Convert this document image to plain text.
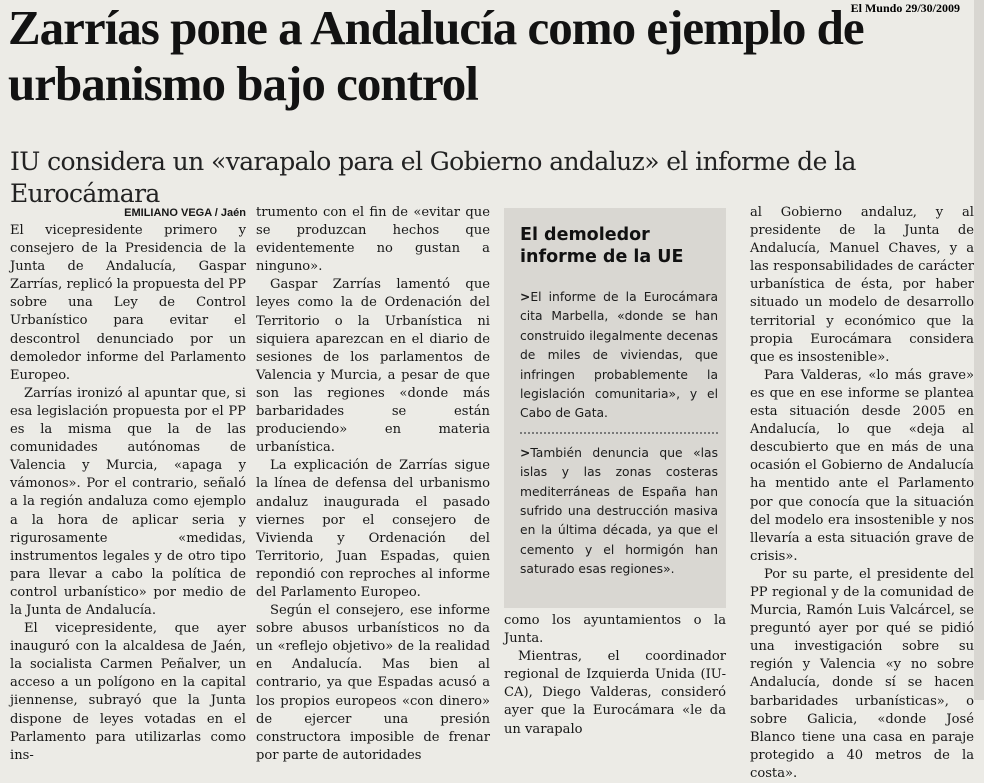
El Mundo 29/30/2009
Zarrías pone a Andalucía como ejemplo de urbanismo bajo control
IU considera un «varapalo para el Gobierno andaluz» el informe de la Eurocámara
EMILIANO VEGA / Jaén

El vicepresidente primero y consejero de la Presidencia de la Junta de Andalucía, Gaspar Zarrías, replicó la propuesta del PP sobre una Ley de Control Urbanístico para evitar el descontrol denunciado por un demoledor informe del Parlamento Europeo.

Zarrías ironizó al apuntar que, si esa legislación propuesta por el PP es la misma que la de las comunidades autónomas de Valencia y Murcia, «apaga y vámonos». Por el contrario, señaló a la región andaluza como ejemplo a la hora de aplicar seria y rigurosamente «medidas, instrumentos legales y de otro tipo para llevar a cabo la política de control urbanístico» por medio de la Junta de Andalucía.

El vicepresidente, que ayer inauguró con la alcaldesa de Jaén, la socialista Carmen Peñalver, un acceso a un polígono en la capital jiennense, subrayó que la Junta dispone de leyes votadas en el Parlamento para utilizarlas como ins-

trumento con el fin de «evitar que se produzcan hechos que evidentemente no gustan a ninguno».

Gaspar Zarrías lamentó que leyes como la de Ordenación del Territorio o la Urbanística ni siquiera aparezcan en el diario de sesiones de los parlamentos de Valencia y Murcia, a pesar de que son las regiones «donde más barbaridades se están produciendo» en materia urbanística.

La explicación de Zarrías sigue la línea de defensa del urbanismo andaluz inaugurada el pasado viernes por el consejero de Vivienda y Ordenación del Territorio, Juan Espadas, quien repondió con reproches al informe del Parlamento Europeo.

Según el consejero, ese informe sobre abusos urbanísticos no da un «reflejo objetivo» de la realidad en Andalucía. Mas bien al contrario, ya que Espadas acusó a los propios europeos «con dinero» de ejercer una presión constructora imposible de frenar por parte de autoridades

El demoledor informe de la UE

>El informe de la Eurocámara cita Marbella, «donde se han construido ilegalmente decenas de miles de viviendas, que infringen probablemente la legislación comunitaria», y el Cabo de Gata.

>También denuncia que «las islas y las zonas costeras mediterráneas de España han sufrido una destrucción masiva en la última década, ya que el cemento y el hormigón han saturado esas regiones».

como los ayuntamientos o la Junta.

Mientras, el coordinador regional de Izquierda Unida (IU-CA), Diego Valderas, consideró ayer que la Eurocámara «le da un varapalo

al Gobierno andaluz, y al presidente de la Junta de Andalucía, Manuel Chaves, y a las responsabilidades de carácter urbanística de ésta, por haber situado un modelo de desarrollo territorial y económico que la propia Eurocámara considera que es insostenible».

Para Valderas, «lo más grave» es que en ese informe se plantea esta situación desde 2005 en Andalucía, lo que «deja al descubierto que en más de una ocasión el Gobierno de Andalucía ha mentido ante el Parlamento por que conocía que la situación del modelo era insostenible y nos llevaría a esta situación grave de crisis».

Por su parte, el presidente del PP regional y de la comunidad de Murcia, Ramón Luis Valcárcel, se preguntó ayer por qué se pidió una investigación sobre su región y Valencia «y no sobre Andalucía, donde sí se hacen barbaridades urbanísticas», o sobre Galicia, «donde José Blanco tiene una casa en paraje protegido a 40 metros de la costa».
